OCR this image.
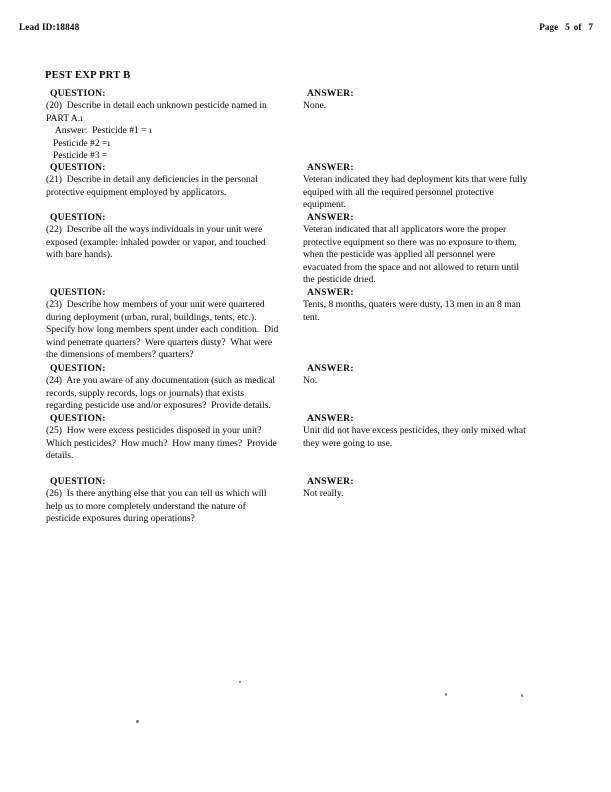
Lead ID:18848	Page 5 of 7
PEST EXP PRT B
QUESTION:
(20)  Describe in detail each unknown pesticide named in
PART A.ı
Answer:  Pesticide #1 = ı
Pesticide #2 =ı
Pesticide #3 =
ANSWER:
None.
QUESTION:
(21)  Describe in detail any deficiencies in the personal
protective equipment employed by applicators.
ANSWER:
Veteran indicated they had deployment kits that were fully
equiped with all the required personnel protective
equipment.
QUESTION:
(22)  Describe all the ways individuals in your unit were
exposed (example: inhaled powder or vapor, and touched
with bare hands).
ANSWER:
Veteran indicated that all applicators wore the proper
protective equipment so there was no exposure to them,
when the pesticide was applied all personnel were
evacuated from the space and not allowed to return until
the pesticide dried.
QUESTION:
(23)  Describe how members of your unit were quartered
during deployment (urban, rural, buildings, tents, etc.).
Specify how long members spent under each condition.  Did
wind penetrate quarters?  Were quarters dusty?  What were
the dimensions of members? quarters?
ANSWER:
Tents, 8 months, quaters were dusty, 13 men in an 8 man
tent.
QUESTION:
(24)  Are you aware of any documentation (such as medical
records, supply records, logs or journals) that exists
regarding pesticide use and/or exposures?  Provide details.
ANSWER:
No.
QUESTION:
(25)  How were excess pesticides disposed in your unit?
Which pesticides?  How much?  How many times?  Provide
details.
ANSWER:
Unit did not have excess pesticides, they only mixed what
they were going to use.
QUESTION:
(26)  Is there anything else that you can tell us which will
help us to more completely understand the nature of
pesticide exposures during operations?
ANSWER:
Not really.
